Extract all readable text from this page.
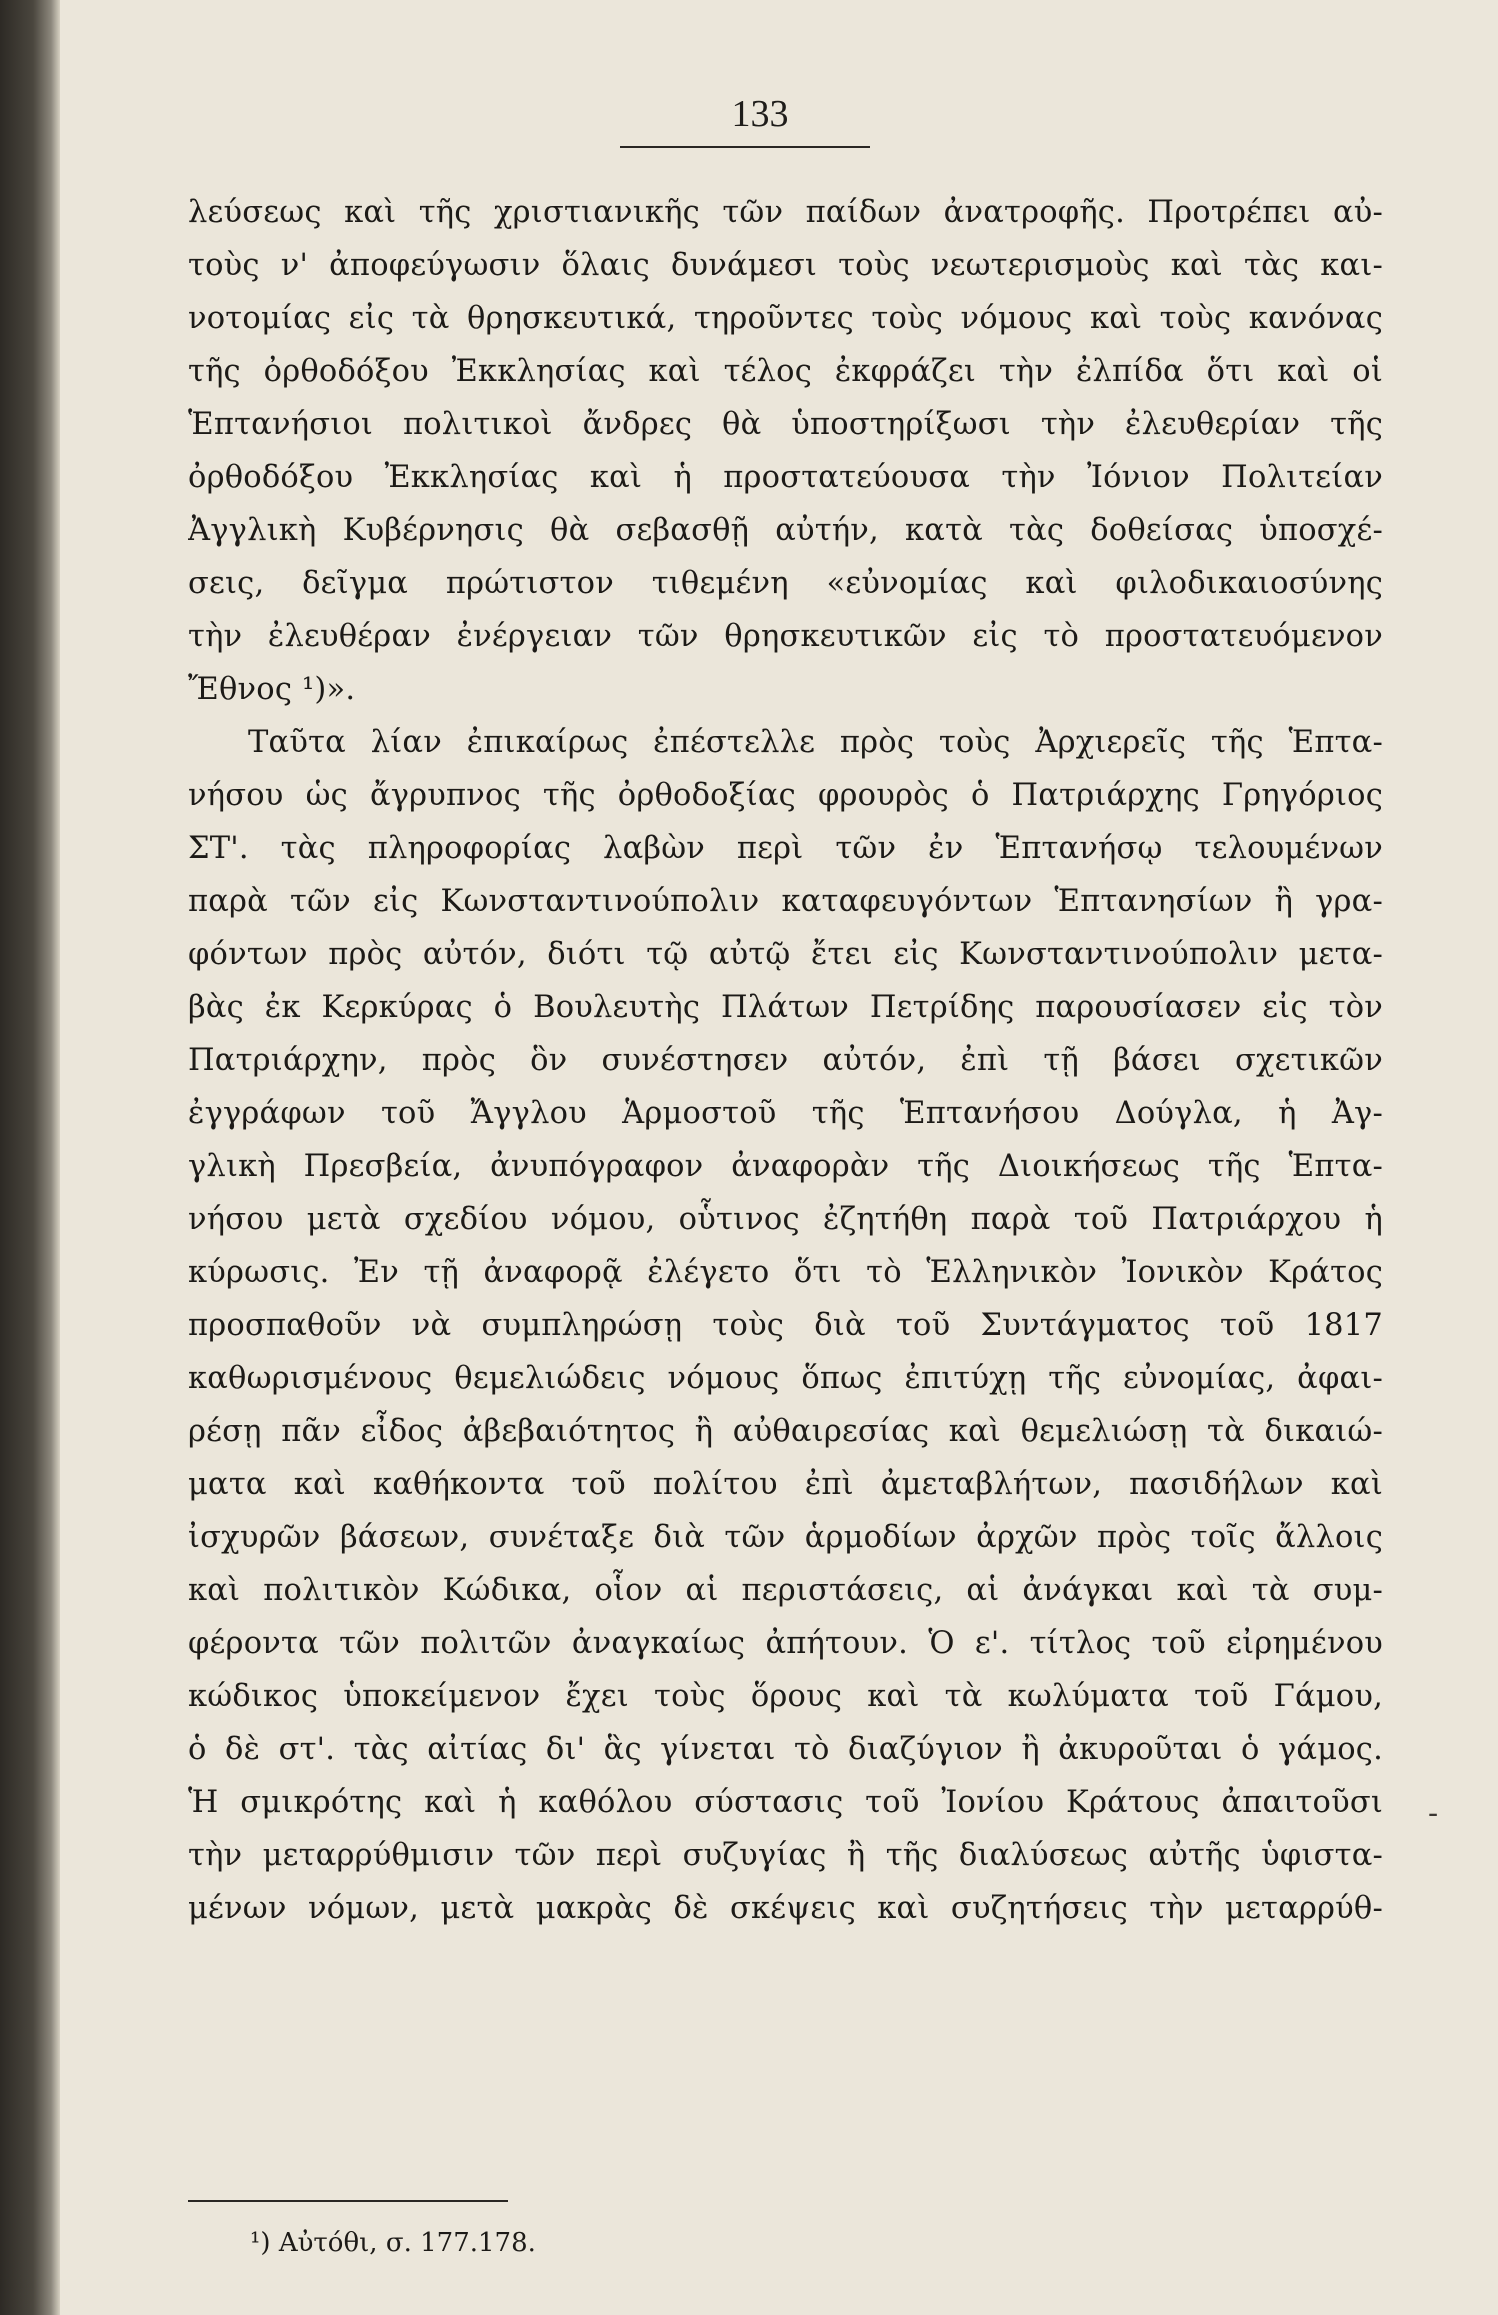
133
λεύσεως καὶ τῆς χριστιανικῆς τῶν παίδων ἀνατροφῆς. Προτρέπει αὐ-
τοὺς ν' ἀποφεύγωσιν ὅλαις δυνάμεσι τοὺς νεωτερισμοὺς καὶ τὰς και-
νοτομίας εἰς τὰ θρησκευτικά, τηροῦντες τοὺς νόμους καὶ τοὺς κανόνας
τῆς ὀρθοδόξου Ἐκκλησίας καὶ τέλος ἐκφράζει τὴν ἐλπίδα ὅτι καὶ οἱ
Ἑπτανήσιοι πολιτικοὶ ἄνδρες θὰ ὑποστηρίξωσι τὴν ἐλευθερίαν τῆς
ὀρθοδόξου Ἐκκλησίας καὶ ἡ προστατεύουσα τὴν Ἰόνιον Πολιτείαν
Ἀγγλικὴ Κυβέρνησις θὰ σεβασθῇ αὐτήν, κατὰ τὰς δοθείσας ὑποσχέ-
σεις, δεῖγμα πρώτιστον τιθεμένη «εὐνομίας καὶ φιλοδικαιοσύνης
τὴν ἐλευθέραν ἐνέργειαν τῶν θρησκευτικῶν εἰς τὸ προστατευόμενον
Ἔθνος ¹)».
Ταῦτα λίαν ἐπικαίρως ἐπέστελλε πρὸς τοὺς Ἀρχιερεῖς τῆς Ἑπτα-
νήσου ὡς ἄγρυπνος τῆς ὀρθοδοξίας φρουρὸς ὁ Πατριάρχης Γρηγόριος
ΣΤ'. τὰς πληροφορίας λαβὼν περὶ τῶν ἐν Ἑπτανήσῳ τελουμένων
παρὰ τῶν εἰς Κωνσταντινούπολιν καταφευγόντων Ἑπτανησίων ἢ γρα-
φόντων πρὸς αὐτόν, διότι τῷ αὐτῷ ἔτει εἰς Κωνσταντινούπολιν μετα-
βὰς ἐκ Κερκύρας ὁ Βουλευτὴς Πλάτων Πετρίδης παρουσίασεν εἰς τὸν
Πατριάρχην, πρὸς ὃν συνέστησεν αὐτόν, ἐπὶ τῇ βάσει σχετικῶν
ἐγγράφων τοῦ Ἄγγλου Ἁρμοστοῦ τῆς Ἑπτανήσου Δούγλα, ἡ Ἀγ-
γλικὴ Πρεσβεία, ἀνυπόγραφον ἀναφορὰν τῆς Διοικήσεως τῆς Ἑπτα-
νήσου μετὰ σχεδίου νόμου, οὗτινος ἐζητήθη παρὰ τοῦ Πατριάρχου ἡ
κύρωσις. Ἐν τῇ ἀναφορᾷ ἐλέγετο ὅτι τὸ Ἑλληνικὸν Ἰονικὸν Κράτος
προσπαθοῦν νὰ συμπληρώσῃ τοὺς διὰ τοῦ Συντάγματος τοῦ 1817
καθωρισμένους θεμελιώδεις νόμους ὅπως ἐπιτύχῃ τῆς εὐνομίας, ἀφαι-
ρέσῃ πᾶν εἶδος ἀβεβαιότητος ἢ αὐθαιρεσίας καὶ θεμελιώσῃ τὰ δικαιώ-
ματα καὶ καθήκοντα τοῦ πολίτου ἐπὶ ἀμεταβλήτων, πασιδήλων καὶ
ἰσχυρῶν βάσεων, συνέταξε διὰ τῶν ἁρμοδίων ἀρχῶν πρὸς τοῖς ἄλλοις
καὶ πολιτικὸν Κώδικα, οἷον αἱ περιστάσεις, αἱ ἀνάγκαι καὶ τὰ συμ-
φέροντα τῶν πολιτῶν ἀναγκαίως ἀπήτουν. Ὁ ε'. τίτλος τοῦ εἰρημένου
κώδικος ὑποκείμενον ἔχει τοὺς ὅρους καὶ τὰ κωλύματα τοῦ Γάμου,
ὁ δὲ στ'. τὰς αἰτίας δι' ἃς γίνεται τὸ διαζύγιον ἢ ἀκυροῦται ὁ γάμος.
Ἡ σμικρότης καὶ ἡ καθόλου σύστασις τοῦ Ἰονίου Κράτους ἀπαιτοῦσι
τὴν μεταρρύθμισιν τῶν περὶ συζυγίας ἢ τῆς διαλύσεως αὐτῆς ὑφιστα-
μένων νόμων, μετὰ μακρὰς δὲ σκέψεις καὶ συζητήσεις τὴν μεταρρύθ-
-
¹) Αὐτόθι, σ. 177.178.
